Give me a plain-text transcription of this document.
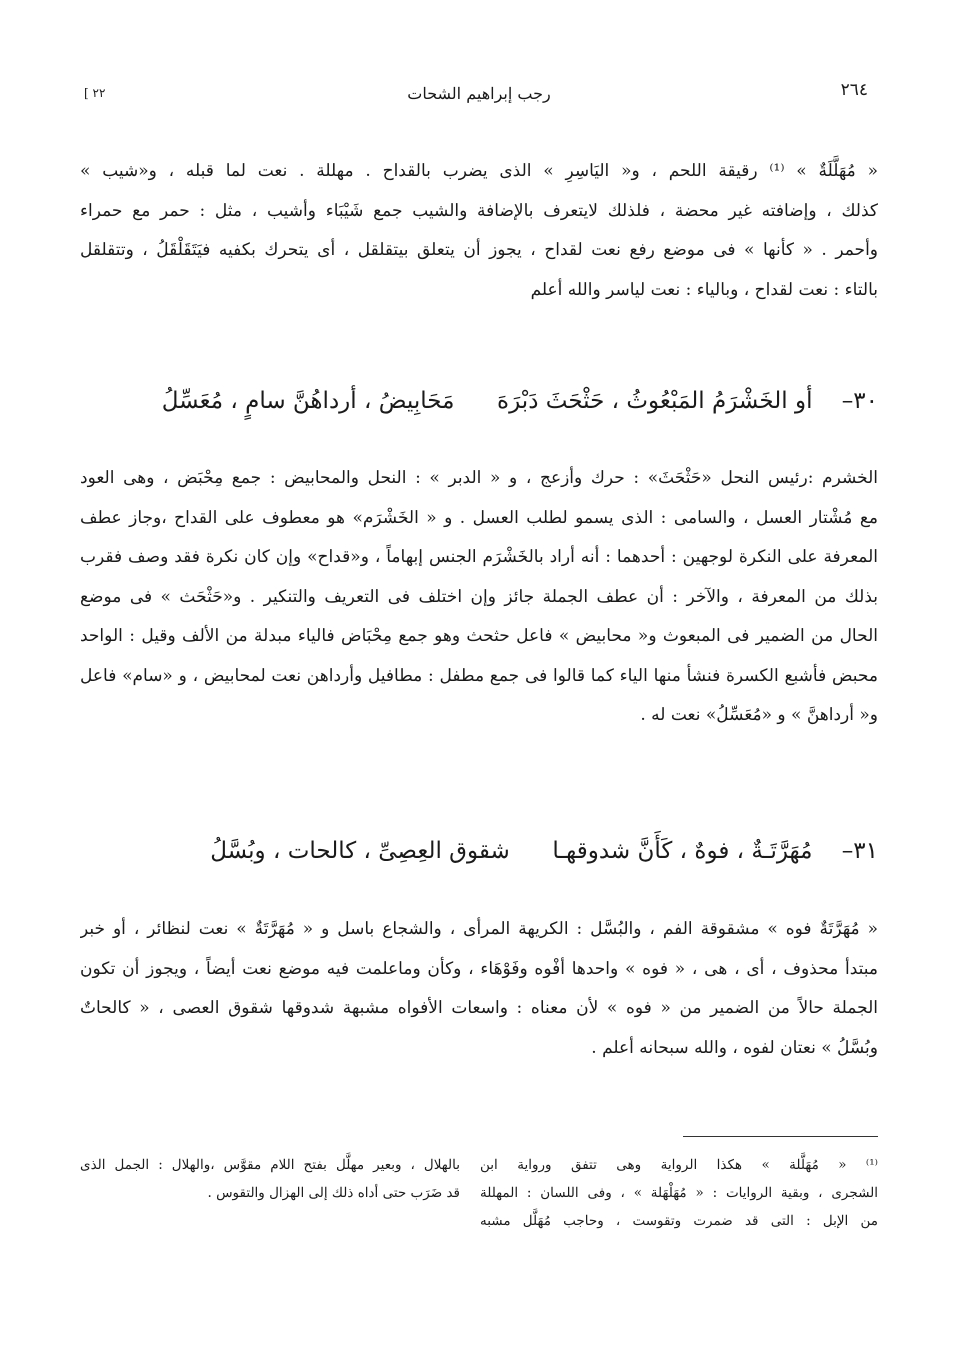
٢٦٤
رجب إبراهيم الشحات
٢٢ ]

« مُهَلَّلَةٌ » ⁽¹⁾ رقيقة اللحم ، و« اليَاسِرِ » الذى يضرب بالقداح . مهللة . نعت لما قبله ، و«شيب »
كذلك ، وإضافته غير محضة ، فلذلك لايتعرف بالإضافة والشيب جمع شَيْبَاء وأشيب ، مثل : حمر مع حمراء
وأحمر . « كأنها » فى موضع رفع نعت لقداح ، يجوز أن يتعلق بيتقلقل ، أى يتحرك بكفيه فيَتَقَلْقَلُ ، وتتقلقل
بالتاء : نعت لقداح ، وبالياء : نعت لياسر والله أعلم

٣٠– أو الخَشْرَمُ المَبْعُوثُ ، حَثْحَثَ دَبْرَهَ  مَحَابِيضُ ، أرداهُنَّ سامٍ ، مُعَسِّلُ

الخشرم :رئيس النحل «حَثْحَثَ» : حرك وأزعج ، و « الدبر » : النحل والمحابيض : جمع مِحْبَض ، وهى العود
مع مُشْتار العسل ، والسامى : الذى يسمو لطلب العسل . و « الخَشْرَم» هو معطوف على القداح ،وجاز عطف
المعرفة على النكرة لوجهين : أحدهما : أنه أراد بالخَشْرَم الجنس إبهاماً ، و«قداح» وإن كان نكرة فقد وصف فقرب
بذلك من المعرفة ، والآخر : أن عطف الجملة جائز وإن اختلف فى التعريف والتنكير . و«حَثْحَث » فى موضع
الحال من الضمير فى المبعوث و« محابيض » فاعل حثحث وهو جمع مِحْبَاض فالياء مبدلة من الألف وقيل : الواحد
محبض فأشبع الكسرة فنشأ منها الياء كما قالوا فى جمع مطفل : مطافيل وأرداهن نعت لمحابيض ، و «سام» فاعل
و« أرداهنَّ » و «مُعَسِّلُ» نعت له .

٣١– مُهَرَّتَـةٌ ، فوهٌ ، كَأَنَّ شدوقهـا  شقوق العِصِىِّ ، كالحات ، وبُسَّلُ

« مُهَرَّتَةٌ فوه » مشقوقة الفم ، والبُسَّل : الكريهة المرأى ، والشجاع باسل و « مُهَرَّتَةٌ » نعت لنظائر ، أو خبر
مبتدأ محذوف ، أى ، هى ، « فوه » واحدها أفْوه وفَوْهَاء ، وكأن وماعلمت فيه موضع نعت أيضاً ، ويجوز أن تكون
الجملة حالاً من الضمير من « فوه » لأن معناه : واسعات الأفواه مشبهة شدوقها شقوق العصى ، « كالحاتٌ
وبُسَّلُ » نعتان لفوه ، والله سبحانه أعلم .

⁽¹⁾ « مُهَلَّلة » هكذا الرواية وهى تتفق ورواية ابن
الشجرى ، وبقية الروايات : « مُهَلْهَلة » ، وفى اللسان : المهللة
من الإبل : التى قد ضمرت وتقوست ، وحاجب مُهَلَّل مشبه

بالهلال ، وبعير مهلَّل بفتح اللام مقوَّس ،والهلال : الجمل الذى
قد ضَرَب حتى أداه ذلك إلى الهزال والتقوس .
